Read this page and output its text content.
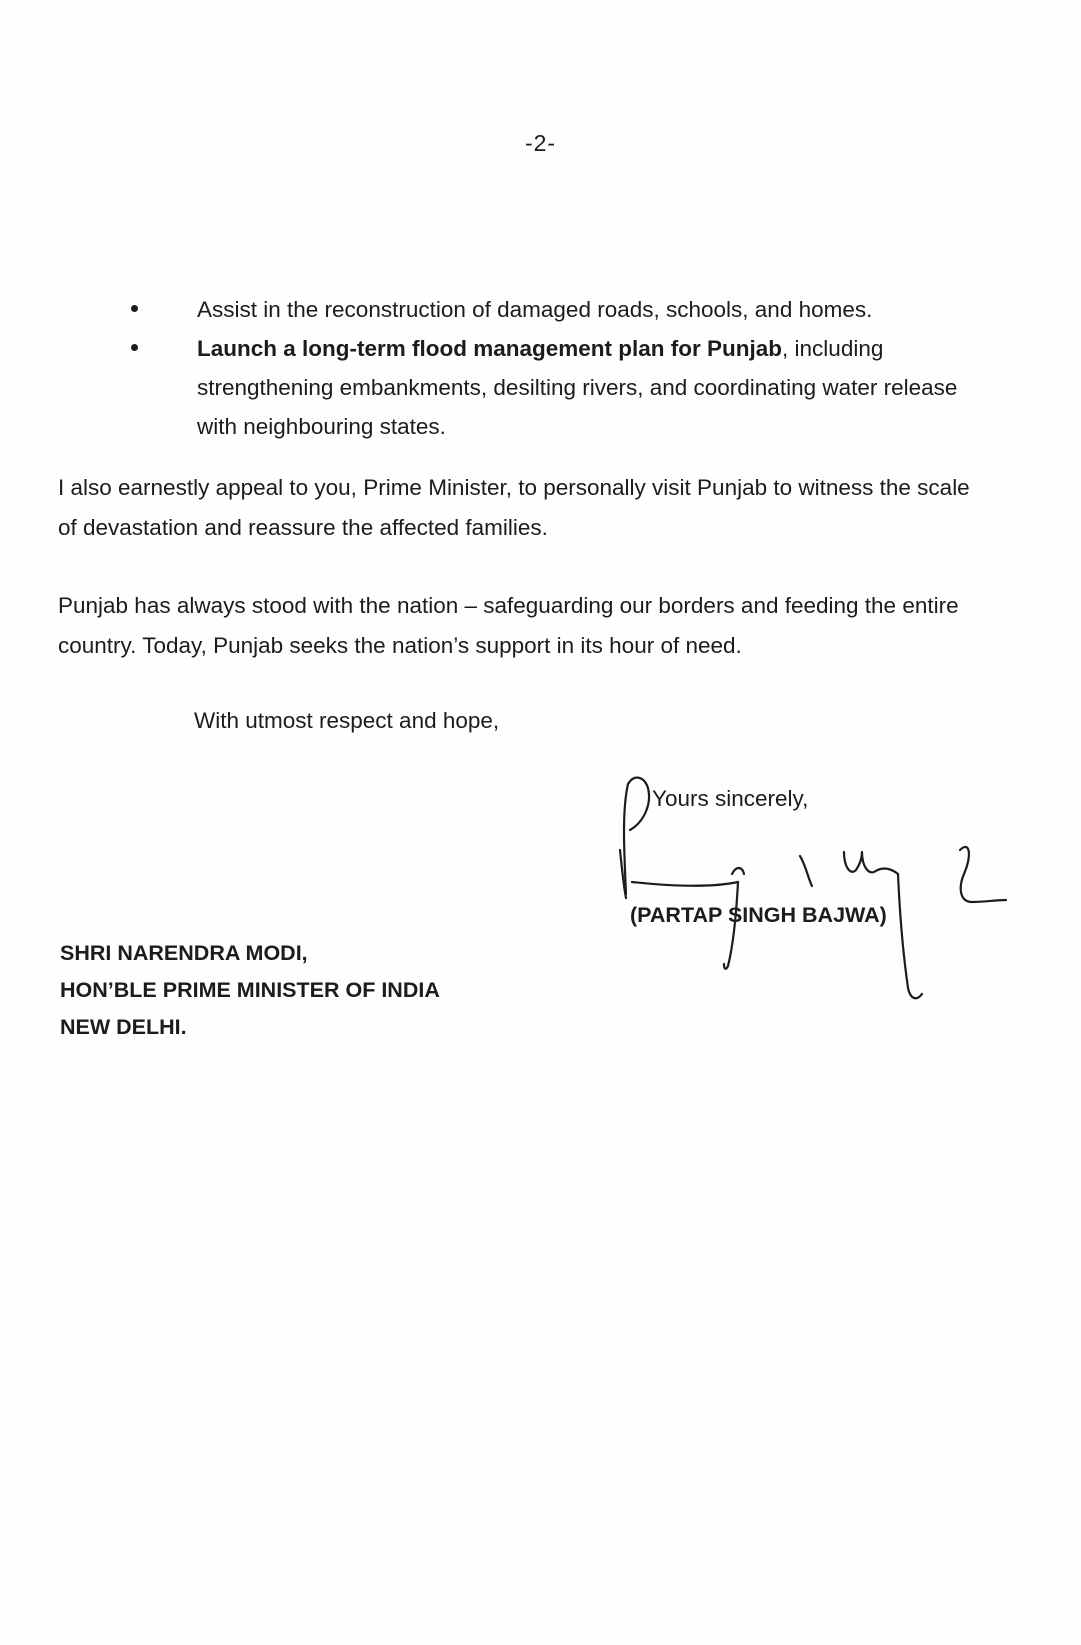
-2-
Assist in the reconstruction of damaged roads, schools, and homes.
Launch a long-term flood management plan for Punjab, including strengthening embankments, desilting rivers, and coordinating water release with neighbouring states.

I also earnestly appeal to you, Prime Minister, to personally visit Punjab to witness the scale of devastation and reassure the affected families.

Punjab has always stood with the nation – safeguarding our borders and feeding the entire country. Today, Punjab seeks the nation’s support in its hour of need.

With utmost respect and hope,
Yours sincerely,
(PARTAP SINGH BAJWA)
SHRI NARENDRA MODI,
HON’BLE PRIME MINISTER OF INDIA
NEW DELHI.
